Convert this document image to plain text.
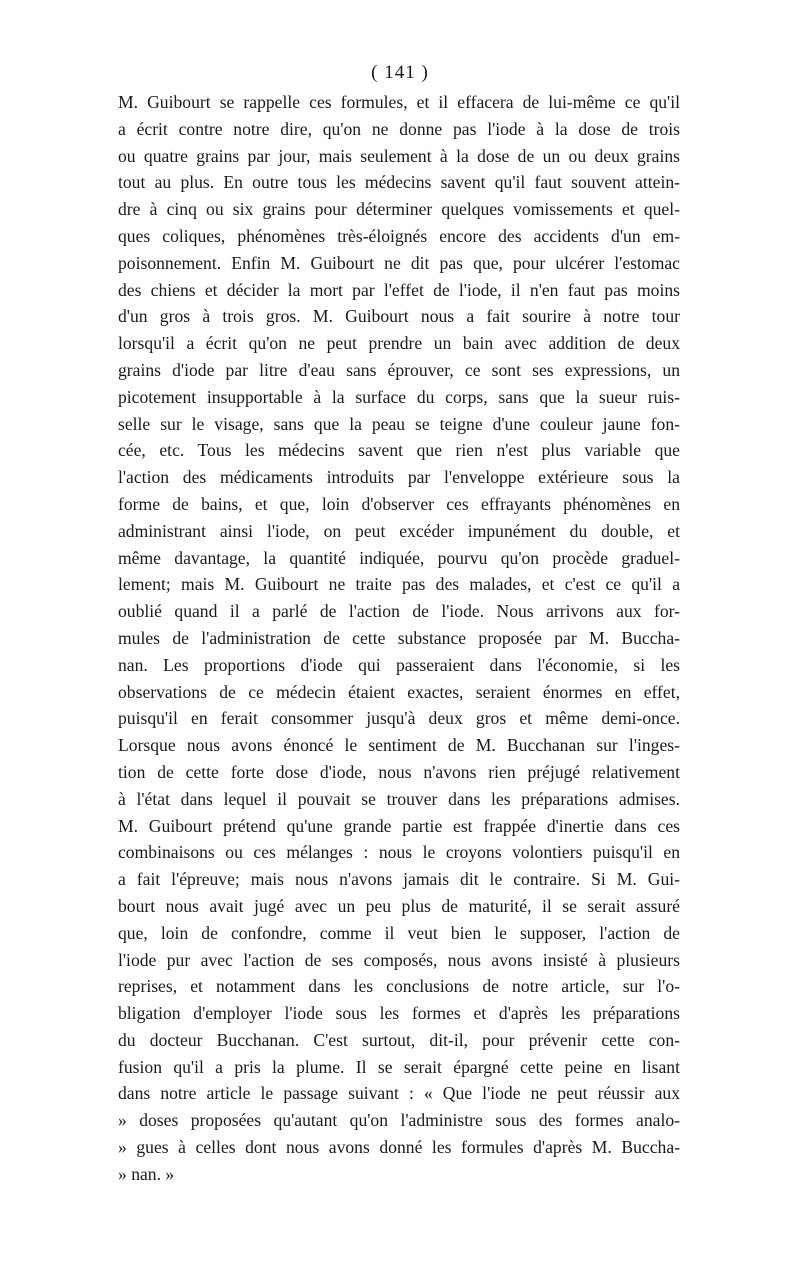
( 141 )
M. Guibourt se rappelle ces formules, et il effacera de lui-même ce qu'il
a écrit contre notre dire, qu'on ne donne pas l'iode à la dose de trois
ou quatre grains par jour, mais seulement à la dose de un ou deux grains
tout au plus. En outre tous les médecins savent qu'il faut souvent attein-
dre à cinq ou six grains pour déterminer quelques vomissements et quel-
ques coliques, phénomènes très-éloignés encore des accidents d'un em-
poisonnement. Enfin M. Guibourt ne dit pas que, pour ulcérer l'estomac
des chiens et décider la mort par l'effet de l'iode, il n'en faut pas moins
d'un gros à trois gros. M. Guibourt nous a fait sourire à notre tour
lorsqu'il a écrit qu'on ne peut prendre un bain avec addition de deux
grains d'iode par litre d'eau sans éprouver, ce sont ses expressions, un
picotement insupportable à la surface du corps, sans que la sueur ruis-
selle sur le visage, sans que la peau se teigne d'une couleur jaune fon-
cée, etc. Tous les médecins savent que rien n'est plus variable que
l'action des médicaments introduits par l'enveloppe extérieure sous la
forme de bains, et que, loin d'observer ces effrayants phénomènes en
administrant ainsi l'iode, on peut excéder impunément du double, et
même davantage, la quantité indiquée, pourvu qu'on procède graduel-
lement; mais M. Guibourt ne traite pas des malades, et c'est ce qu'il a
oublié quand il a parlé de l'action de l'iode. Nous arrivons aux for-
mules de l'administration de cette substance proposée par M. Buccha-
nan. Les proportions d'iode qui passeraient dans l'économie, si les
observations de ce médecin étaient exactes, seraient énormes en effet,
puisqu'il en ferait consommer jusqu'à deux gros et même demi-once.
Lorsque nous avons énoncé le sentiment de M. Bucchanan sur l'inges-
tion de cette forte dose d'iode, nous n'avons rien préjugé relativement
à l'état dans lequel il pouvait se trouver dans les préparations admises.
M. Guibourt prétend qu'une grande partie est frappée d'inertie dans ces
combinaisons ou ces mélanges : nous le croyons volontiers puisqu'il en
a fait l'épreuve; mais nous n'avons jamais dit le contraire. Si M. Gui-
bourt nous avait jugé avec un peu plus de maturité, il se serait assuré
que, loin de confondre, comme il veut bien le supposer, l'action de
l'iode pur avec l'action de ses composés, nous avons insisté à plusieurs
reprises, et notamment dans les conclusions de notre article, sur l'o-
bligation d'employer l'iode sous les formes et d'après les préparations
du docteur Bucchanan. C'est surtout, dit-il, pour prévenir cette con-
fusion qu'il a pris la plume. Il se serait épargné cette peine en lisant
dans notre article le passage suivant : « Que l'iode ne peut réussir aux
» doses proposées qu'autant qu'on l'administre sous des formes analo-
» gues à celles dont nous avons donné les formules d'après M. Buccha-
» nan. »
